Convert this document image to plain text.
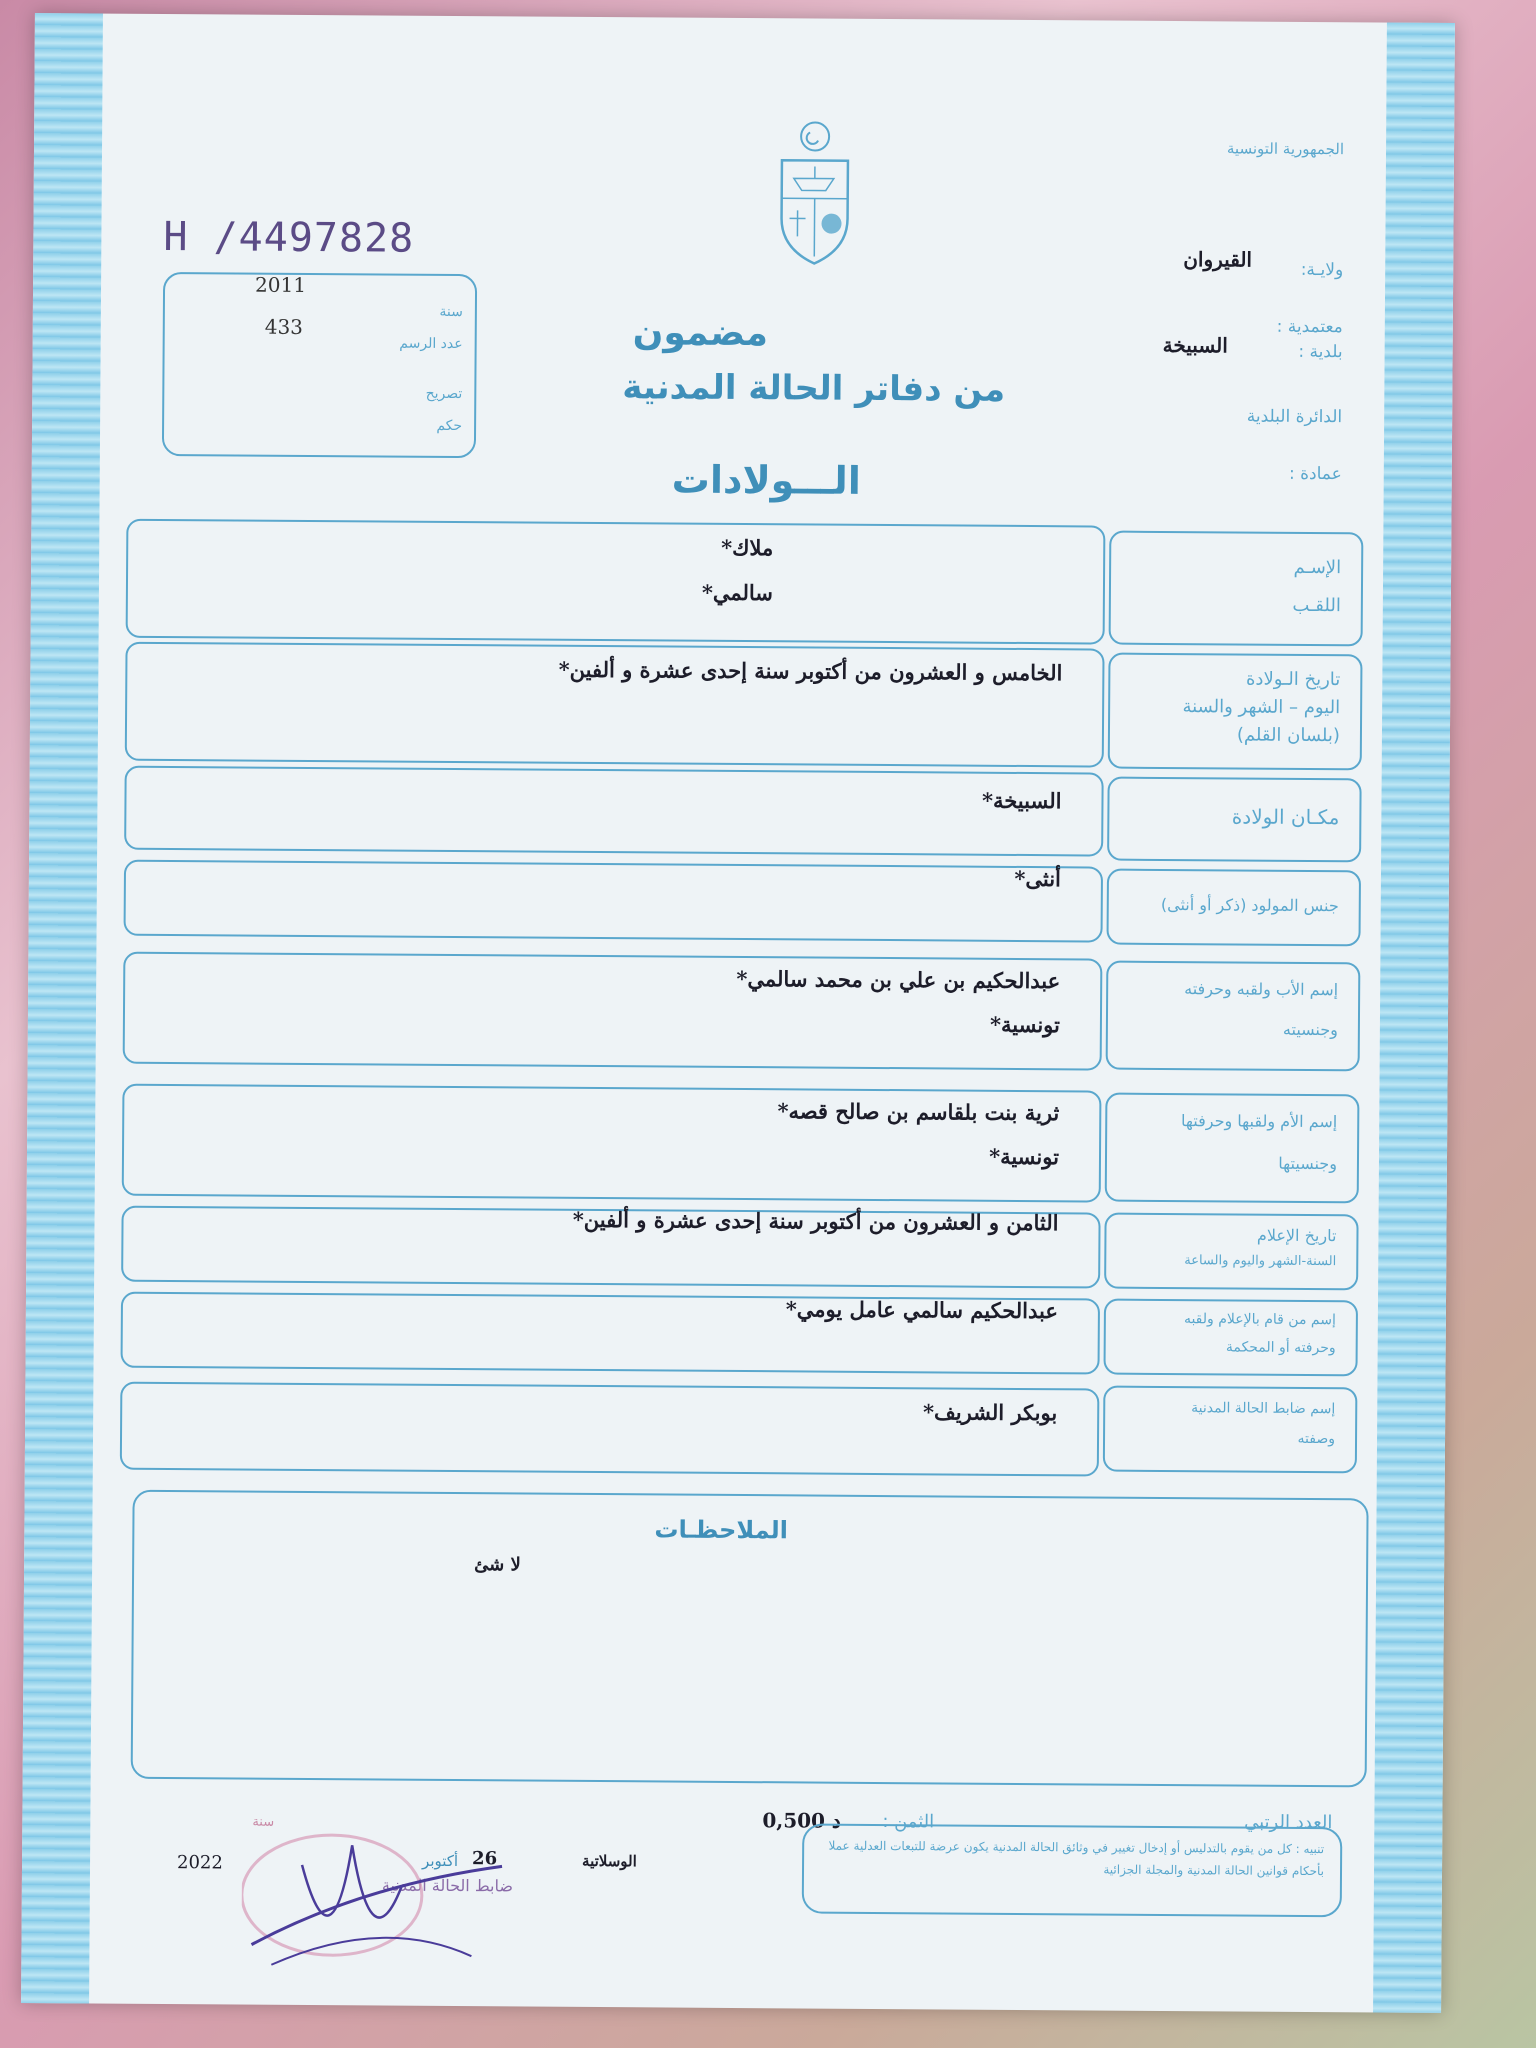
الجمهورية التونسية
ولايـة:
القيروان
معتمدية :
بلدية :
السبيخة
الدائرة البلدية
عمادة :
H /4497828
سنة
2011
عدد الرسم
433
تصريح
حكم
مضمون
من دفاتر الحالة المدنية
الـــولادات
الإسـم
اللقـب
ملاك*
سالمي*
تاريخ الـولادة
اليوم – الشهر والسنة
(بلسان القلم)
الخامس و العشرون من أكتوبر سنة إحدى عشرة و ألفين*
مكـان الولادة
السبيخة*
جنس المولود (ذكر أو أنثى)
أنثى*
إسم الأب ولقبه وحرفته
وجنسيته
عبدالحكيم بن علي بن محمد سالمي*
تونسية*
إسم الأم ولقبها وحرفتها
وجنسيتها
ثرية بنت بلقاسم بن صالح قصه*
تونسية*
تاريخ الإعلام
السنة-الشهر واليوم والساعة
الثامن و العشرون من أكتوبر سنة إحدى عشرة و ألفين*
إسم من قام بالإعلام ولقبه
وحرفته أو المحكمة
عبدالحكيم سالمي عامل يومي*
إسم ضابط الحالة المدنية
وصفته
بوبكر الشريف*
الملاحظـات
لا شئ
العدد الرتبي
الثمن :
0,500 د
الوسلاتية
26
أكتوبر
سنة
2022
ضابط الحالة المدنية
تنبيه : كل من يقوم بالتدليس أو إدخال تغيير في وثائق الحالة المدنية يكون عرضة للتبعات العدلية عملا بأحكام قوانين الحالة المدنية والمجلة الجزائية
